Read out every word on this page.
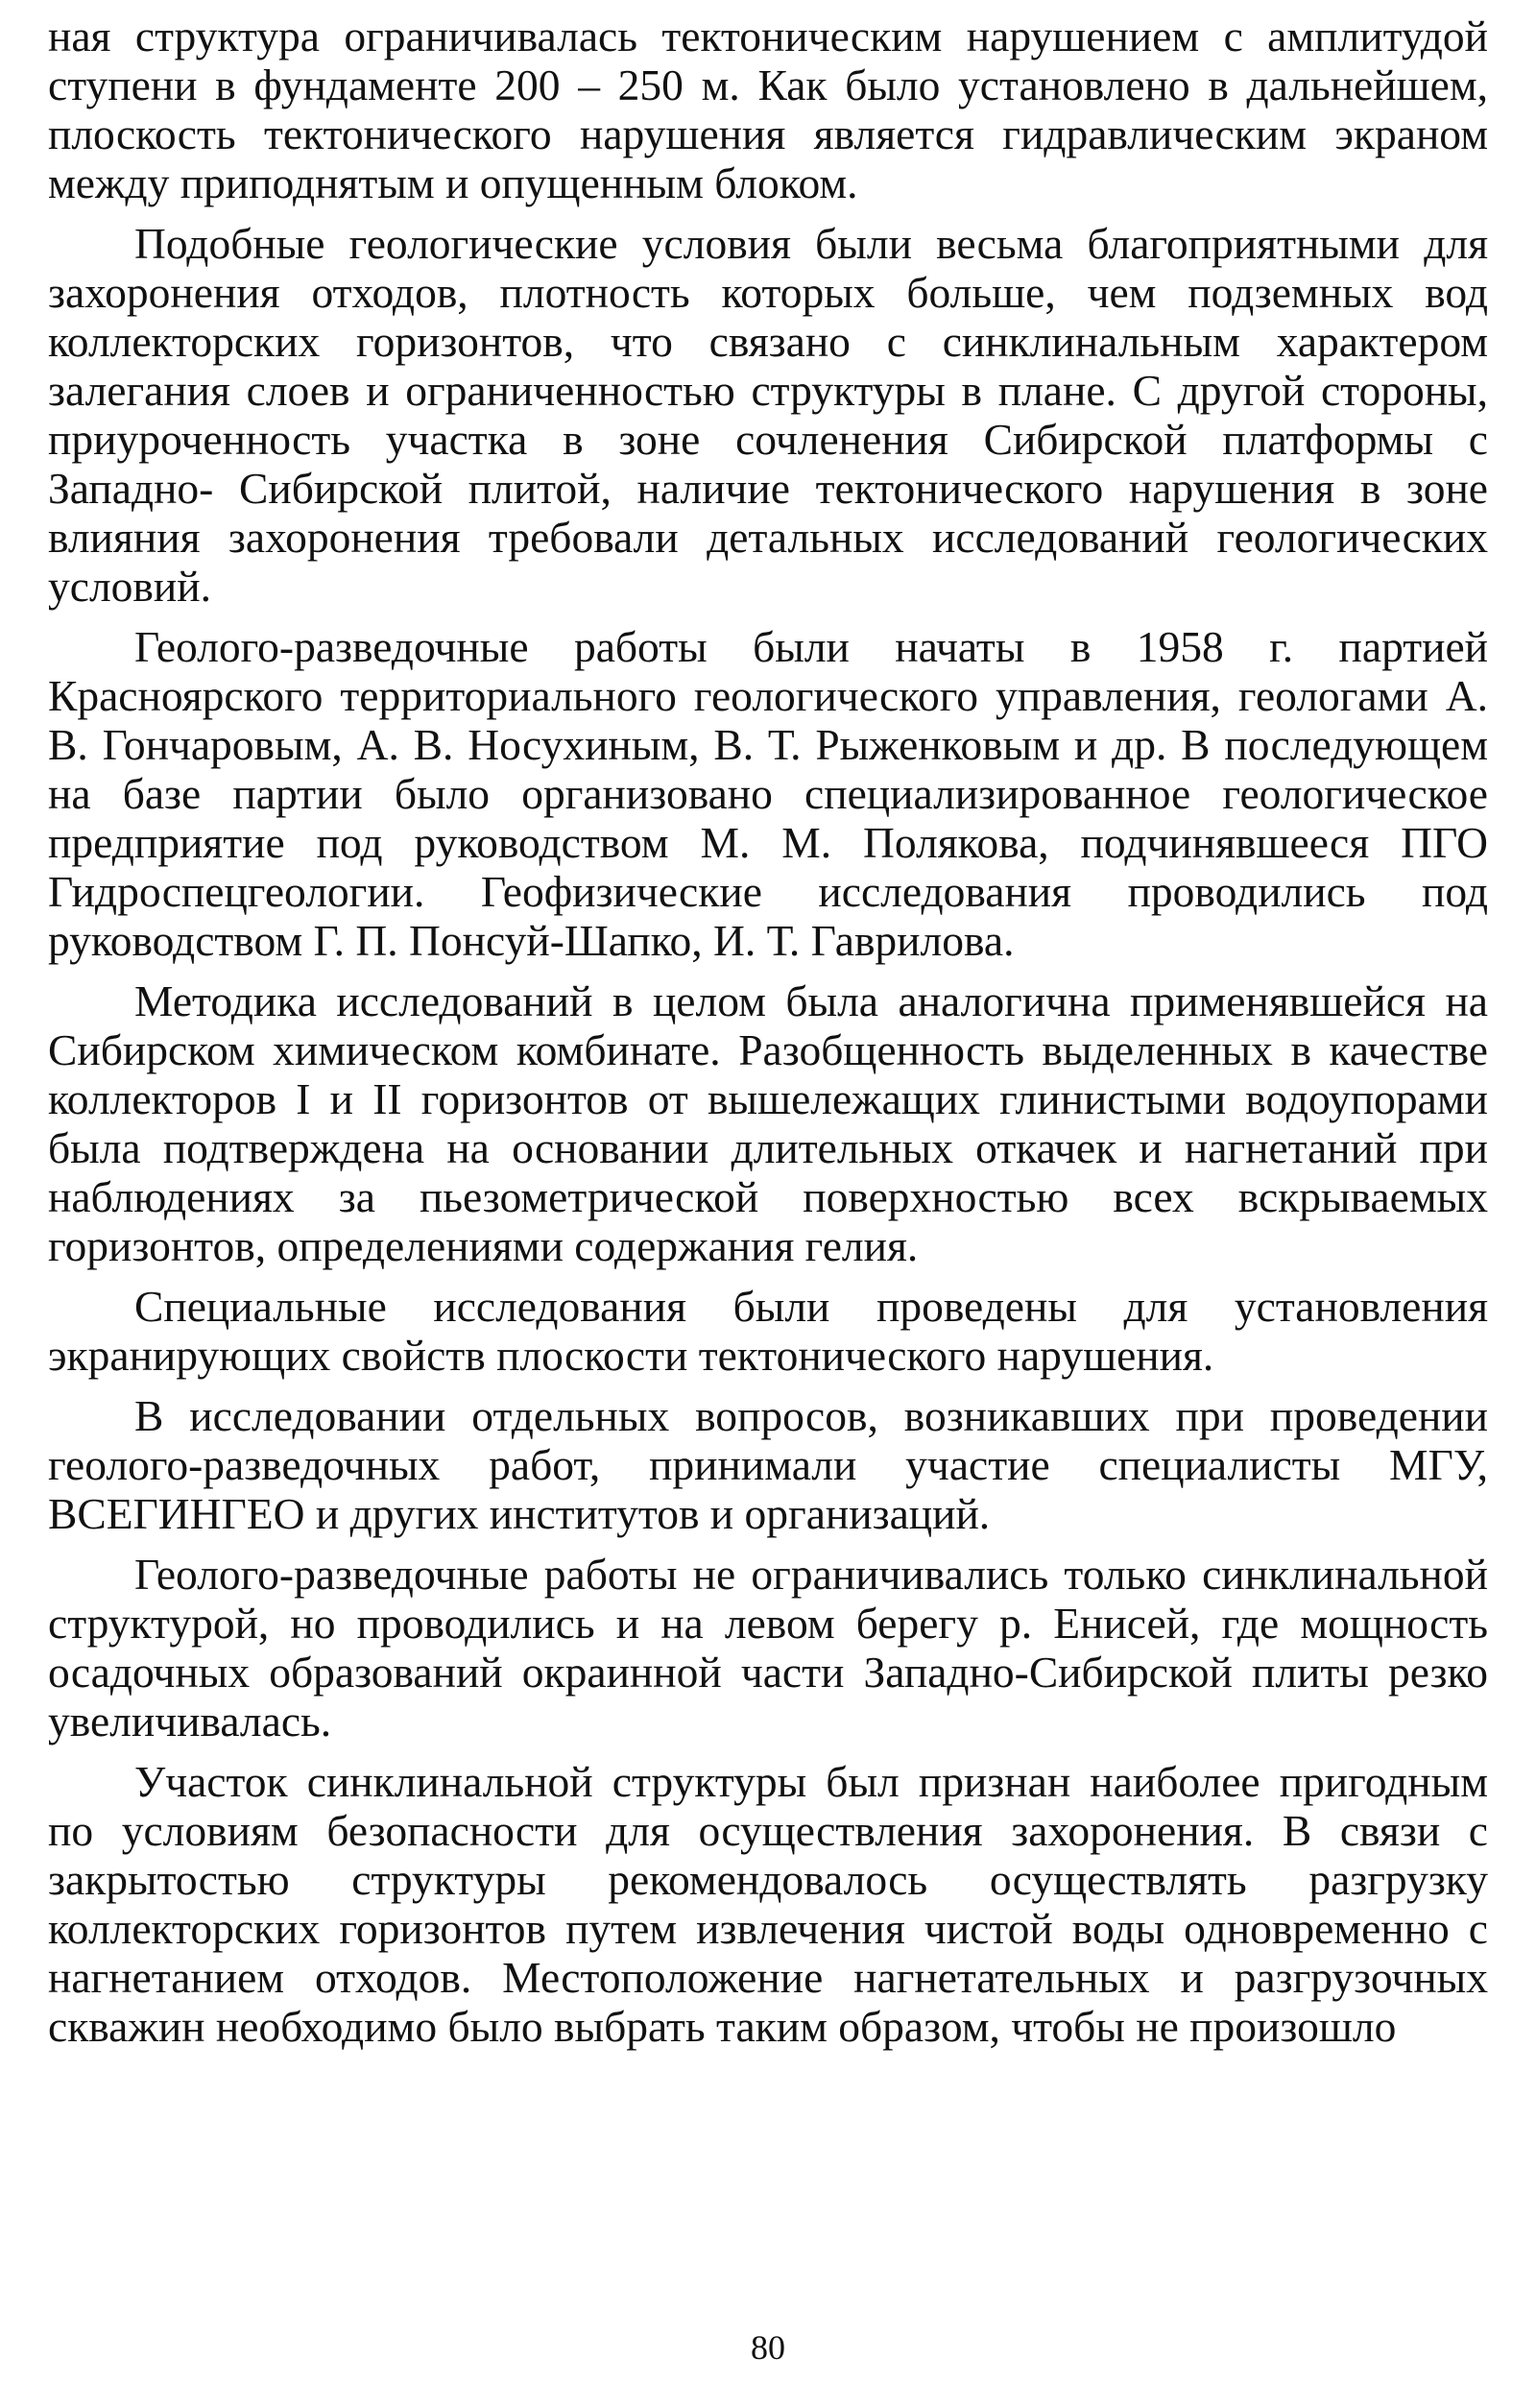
ная структура ограничивалась тектоническим нарушением с амплитудой ступени в фундаменте 200 – 250 м. Как было установлено в дальнейшем, плоскость тектонического нарушения является гидравлическим экраном между приподнятым и опущенным блоком.

Подобные геологические условия были весьма благоприятными для захоронения отходов, плотность которых больше, чем подземных вод коллекторских горизонтов, что связано с синклинальным характером залегания слоев и ограниченностью структуры в плане. С другой стороны, приуроченность участка в зоне сочленения Сибирской платформы с Западно- Сибирской плитой, наличие тектонического нарушения в зоне влияния захоронения требовали детальных исследований геологических условий.

Геолого-разведочные работы были начаты в 1958 г. партией Красноярского территориального геологического управления, геологами А. В. Гончаровым, А. В. Носухиным, В. Т. Рыженковым и др. В последующем на базе партии было организовано специализированное геологическое предприятие под руководством М. М. Полякова, подчинявшееся ПГО Гидроспецгеологии. Геофизические исследования проводились под руководством Г. П. Понсуй-Шапко, И. Т. Гаврилова.

Методика исследований в целом была аналогична применявшейся на Сибирском химическом комбинате. Разобщенность выделенных в качестве коллекторов I и II горизонтов от вышележащих глинистыми водоупорами была подтверждена на основании длительных откачек и нагнетаний при наблюдениях за пьезометрической поверхностью всех вскрываемых горизонтов, определениями содержания гелия.

Специальные исследования были проведены для установления экранирующих свойств плоскости тектонического нарушения.

В исследовании отдельных вопросов, возникавших при проведении геолого-разведочных работ, принимали участие специалисты МГУ, ВСЕГИНГЕО и других институтов и организаций.

Геолого-разведочные работы не ограничивались только синклинальной структурой, но проводились и на левом берегу р. Енисей, где мощность осадочных образований окраинной части Западно-Сибирской плиты резко увеличивалась.

Участок синклинальной структуры был признан наиболее пригодным по условиям безопасности для осуществления захоронения. В связи с закрытостью структуры рекомендовалось осуществлять разгрузку коллекторских горизонтов путем извлечения чистой воды одновременно с нагнетанием отходов. Местоположение нагнетательных и разгрузочных скважин необходимо было выбрать таким образом, чтобы не произошло

80
